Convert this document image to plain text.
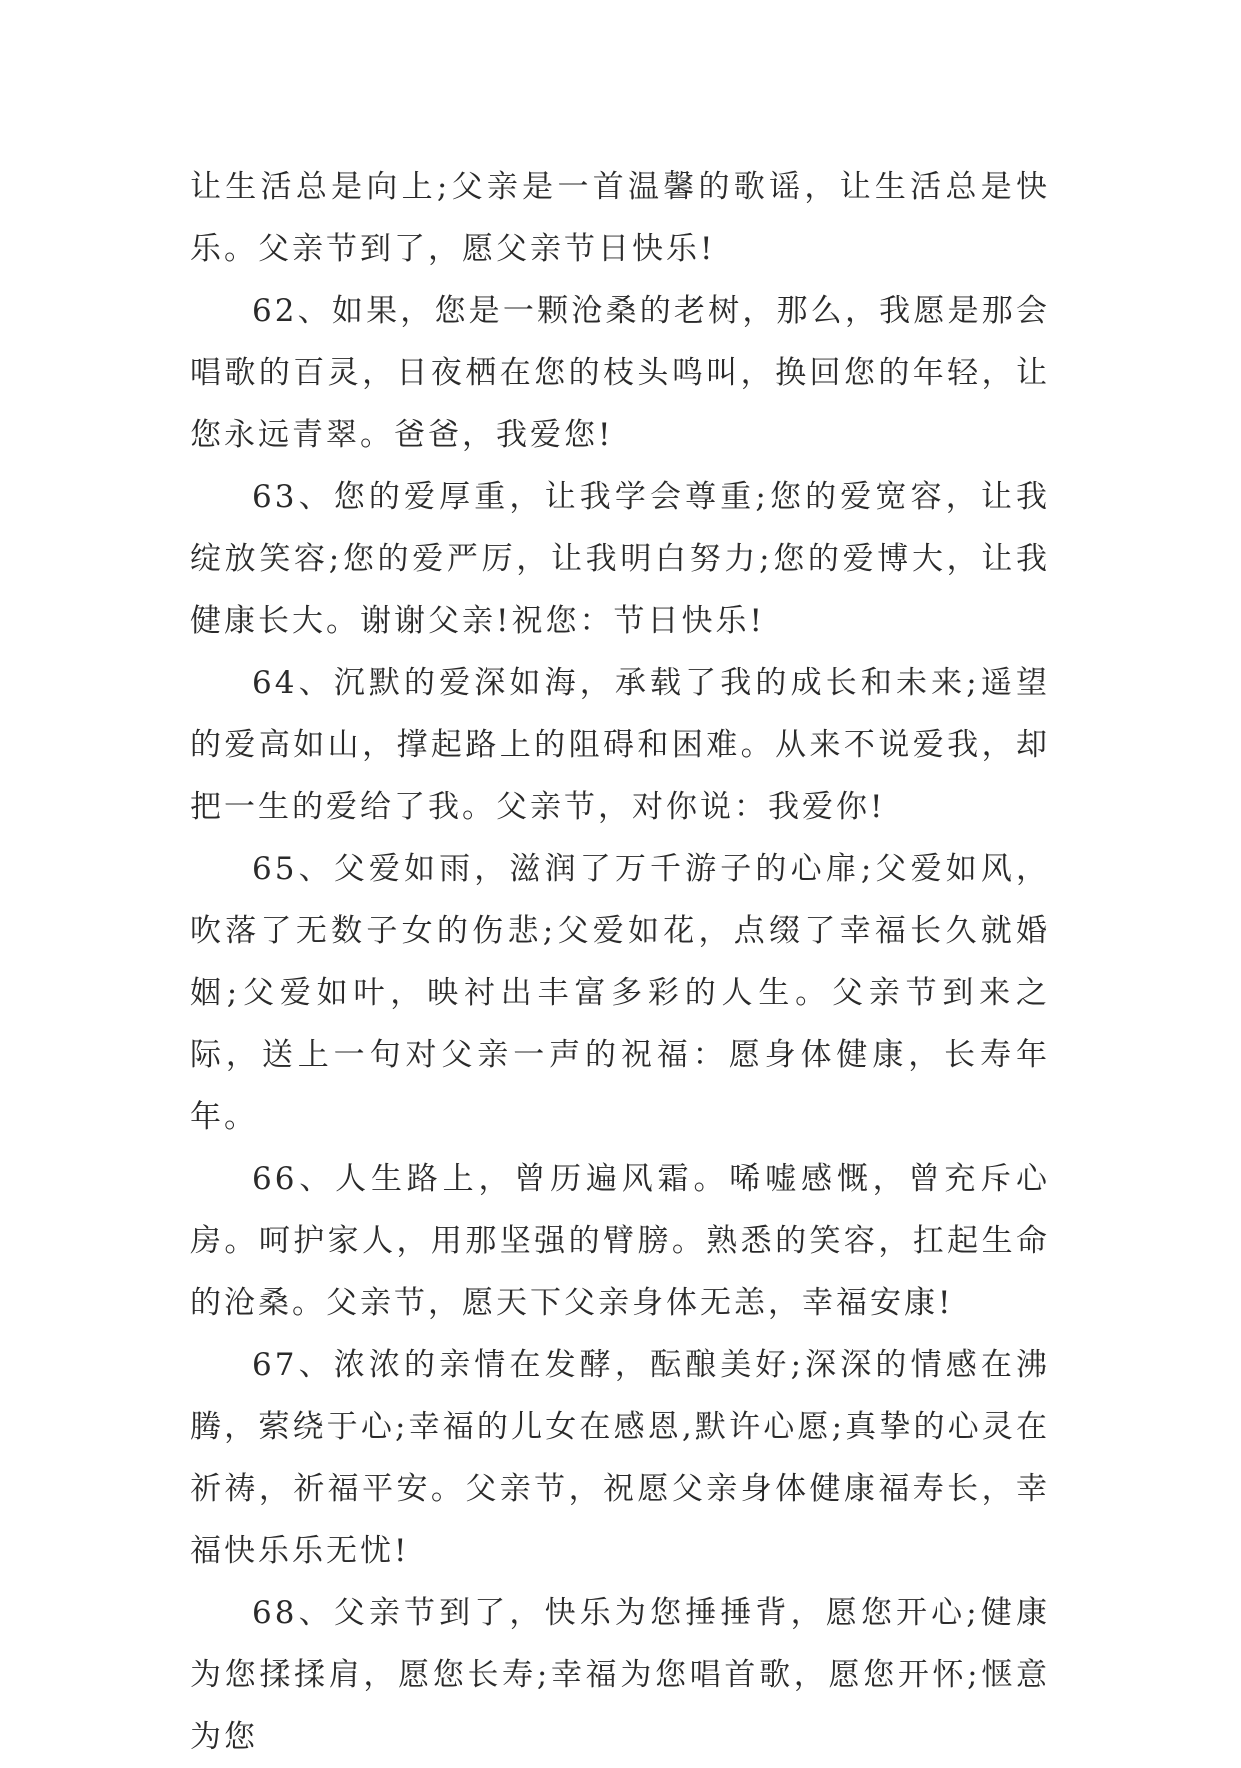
让生活总是向上;父亲是一首温馨的歌谣，让生活总是快乐。父亲节到了，愿父亲节日快乐!

62、如果，您是一颗沧桑的老树，那么，我愿是那会唱歌的百灵，日夜栖在您的枝头鸣叫，换回您的年轻，让您永远青翠。爸爸，我爱您!

63、您的爱厚重，让我学会尊重;您的爱宽容，让我绽放笑容;您的爱严厉，让我明白努力;您的爱博大，让我健康长大。谢谢父亲!祝您：节日快乐!

64、沉默的爱深如海，承载了我的成长和未来;遥望的爱高如山，撑起路上的阻碍和困难。从来不说爱我，却把一生的爱给了我。父亲节，对你说：我爱你!

65、父爱如雨，滋润了万千游子的心扉;父爱如风，吹落了无数子女的伤悲;父爱如花，点缀了幸福长久就婚姻;父爱如叶，映衬出丰富多彩的人生。父亲节到来之际，送上一句对父亲一声的祝福：愿身体健康，长寿年年。

66、人生路上，曾历遍风霜。唏嘘感慨，曾充斥心房。呵护家人，用那坚强的臂膀。熟悉的笑容，扛起生命的沧桑。父亲节，愿天下父亲身体无恙，幸福安康!

67、浓浓的亲情在发酵，酝酿美好;深深的情感在沸腾，萦绕于心;幸福的儿女在感恩,默许心愿;真挚的心灵在祈祷，祈福平安。父亲节，祝愿父亲身体健康福寿长，幸福快乐乐无忧!

68、父亲节到了，快乐为您捶捶背，愿您开心;健康为您揉揉肩，愿您长寿;幸福为您唱首歌，愿您开怀;惬意为您
